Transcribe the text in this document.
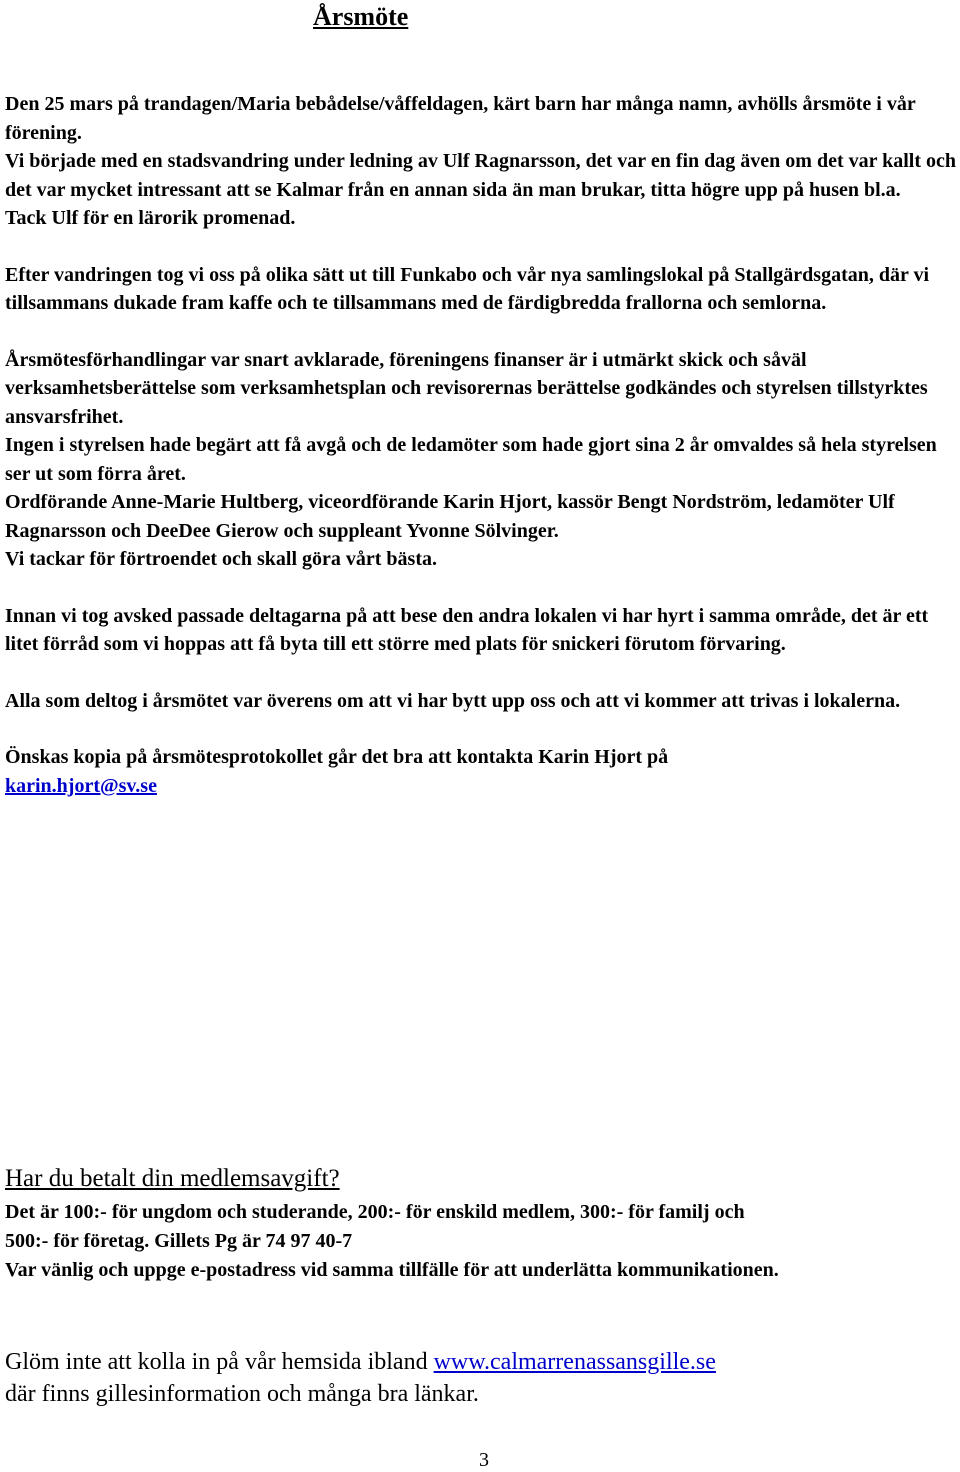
Årsmöte

Den 25 mars på trandagen/Maria bebådelse/våffeldagen, kärt barn har många namn, avhölls årsmöte i vår förening.

Vi började med en stadsvandring under ledning av Ulf Ragnarsson, det var en fin dag även om det var kallt och det var mycket intressant att se Kalmar från en annan sida än man brukar, titta högre upp på husen bl.a.

Tack Ulf för en lärorik promenad.

Efter vandringen tog vi oss på olika sätt ut till Funkabo och vår nya samlingslokal på Stallgärdsgatan, där vi tillsammans dukade fram kaffe och te tillsammans med de färdigbredda frallorna och semlorna.

Årsmötesförhandlingar var snart avklarade, föreningens finanser är i utmärkt skick och såväl verksamhetsberättelse som verksamhetsplan och revisorernas berättelse godkändes och styrelsen tillstyrktes ansvarsfrihet.

Ingen i styrelsen hade begärt att få avgå och de ledamöter som hade gjort sina 2 år omvaldes så hela styrelsen ser ut som förra året.

Ordförande Anne-Marie Hultberg, viceordförande Karin Hjort, kassör Bengt Nordström, ledamöter Ulf Ragnarsson och DeeDee Gierow och suppleant Yvonne Sölvinger.

Vi tackar för förtroendet och skall göra vårt bästa.

Innan vi tog avsked passade deltagarna på att bese den andra lokalen vi har hyrt i samma område, det är ett litet förråd som vi hoppas att få byta till ett större med plats för snickeri förutom förvaring.

Alla som deltog i årsmötet var överens om att vi har bytt upp oss och att vi kommer att trivas i lokalerna.

Önskas kopia på årsmötesprotokollet går det bra att kontakta Karin Hjort på
karin.hjort@sv.se

Har du betalt din medlemsavgift?

Det är 100:- för ungdom och studerande, 200:- för enskild medlem, 300:- för familj och

500:- för företag. Gillets Pg är 74 97 40-7

Var vänlig och uppge e-postadress vid samma tillfälle för att underlätta kommunikationen.

Glöm inte att kolla in på vår hemsida ibland www.calmarrenassansgille.se

där finns gillesinformation och många bra länkar.

3
